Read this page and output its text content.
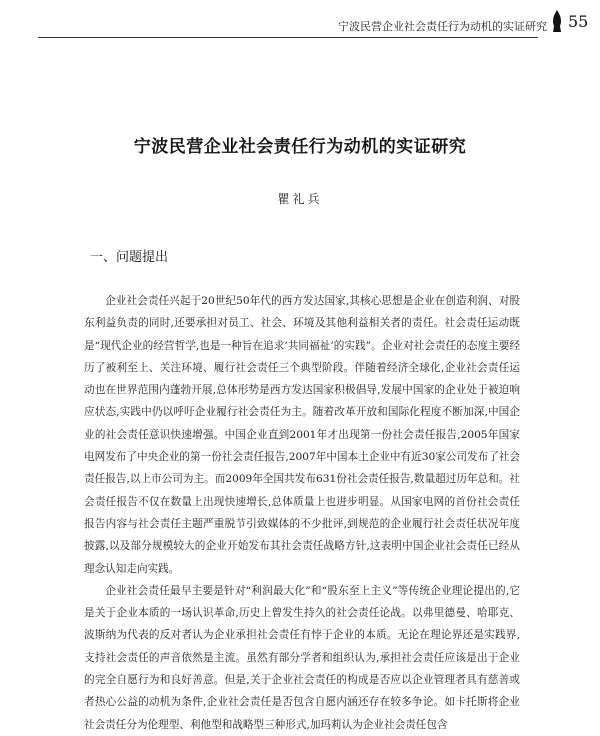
宁波民营企业社会责任行为动机的实证研究 55
宁波民营企业社会责任行为动机的实证研究
瞿礼兵
一、问题提出

企业社会责任兴起于20世纪50年代的西方发达国家,其核心思想是企业在创造利润、对股东利益负责的同时,还要承担对员工、社会、环境及其他利益相关者的责任。社会责任运动既是“现代企业的经营哲学,也是一种旨在追求‘共同福祉’的实践”。企业对社会责任的态度主要经历了被利至上、关注环境、履行社会责任三个典型阶段。伴随着经济全球化,企业社会责任运动也在世界范围内蓬勃开展,总体形势是西方发达国家积极倡导,发展中国家的企业处于被迫响应状态,实践中仍以呼吁企业履行社会责任为主。随着改革开放和国际化程度不断加深,中国企业的社会责任意识快速增强。中国企业直到2001年才出现第一份社会责任报告,2005年国家电网发布了中央企业的第一份社会责任报告,2007年中国本土企业中有近30家公司发布了社会责任报告,以上市公司为主。而2009年全国共发布631份社会责任报告,数量超过历年总和。社会责任报告不仅在数量上出现快速增长,总体质量上也进步明显。从国家电网的首份社会责任报告内容与社会责任主题严重脱节引致媒体的不少批评,到规范的企业履行社会责任状况年度披露,以及部分规模较大的企业开始发布其社会责任战略方针,这表明中国企业社会责任已经从理念认知走向实践。

企业社会责任最早主要是针对“利润最大化”和“股东至上主义”等传统企业理论提出的,它是关于企业本质的一场认识革命,历史上曾发生持久的社会责任论战。以弗里德曼、哈耶克、波斯纳为代表的反对者认为企业承担社会责任有悖于企业的本质。无论在理论界还是实践界,支持社会责任的声音依然是主流。虽然有部分学者和组织认为,承担社会责任应该是出于企业的完全自愿行为和良好善意。但是,关于企业社会责任的构成是否应以企业管理者具有慈善或者热心公益的动机为条件,企业社会责任是否包含自愿内涵还存在较多争论。如卡托斯将企业社会责任分为伦理型、利他型和战略型三种形式,加玛莉认为企业社会责任包含
